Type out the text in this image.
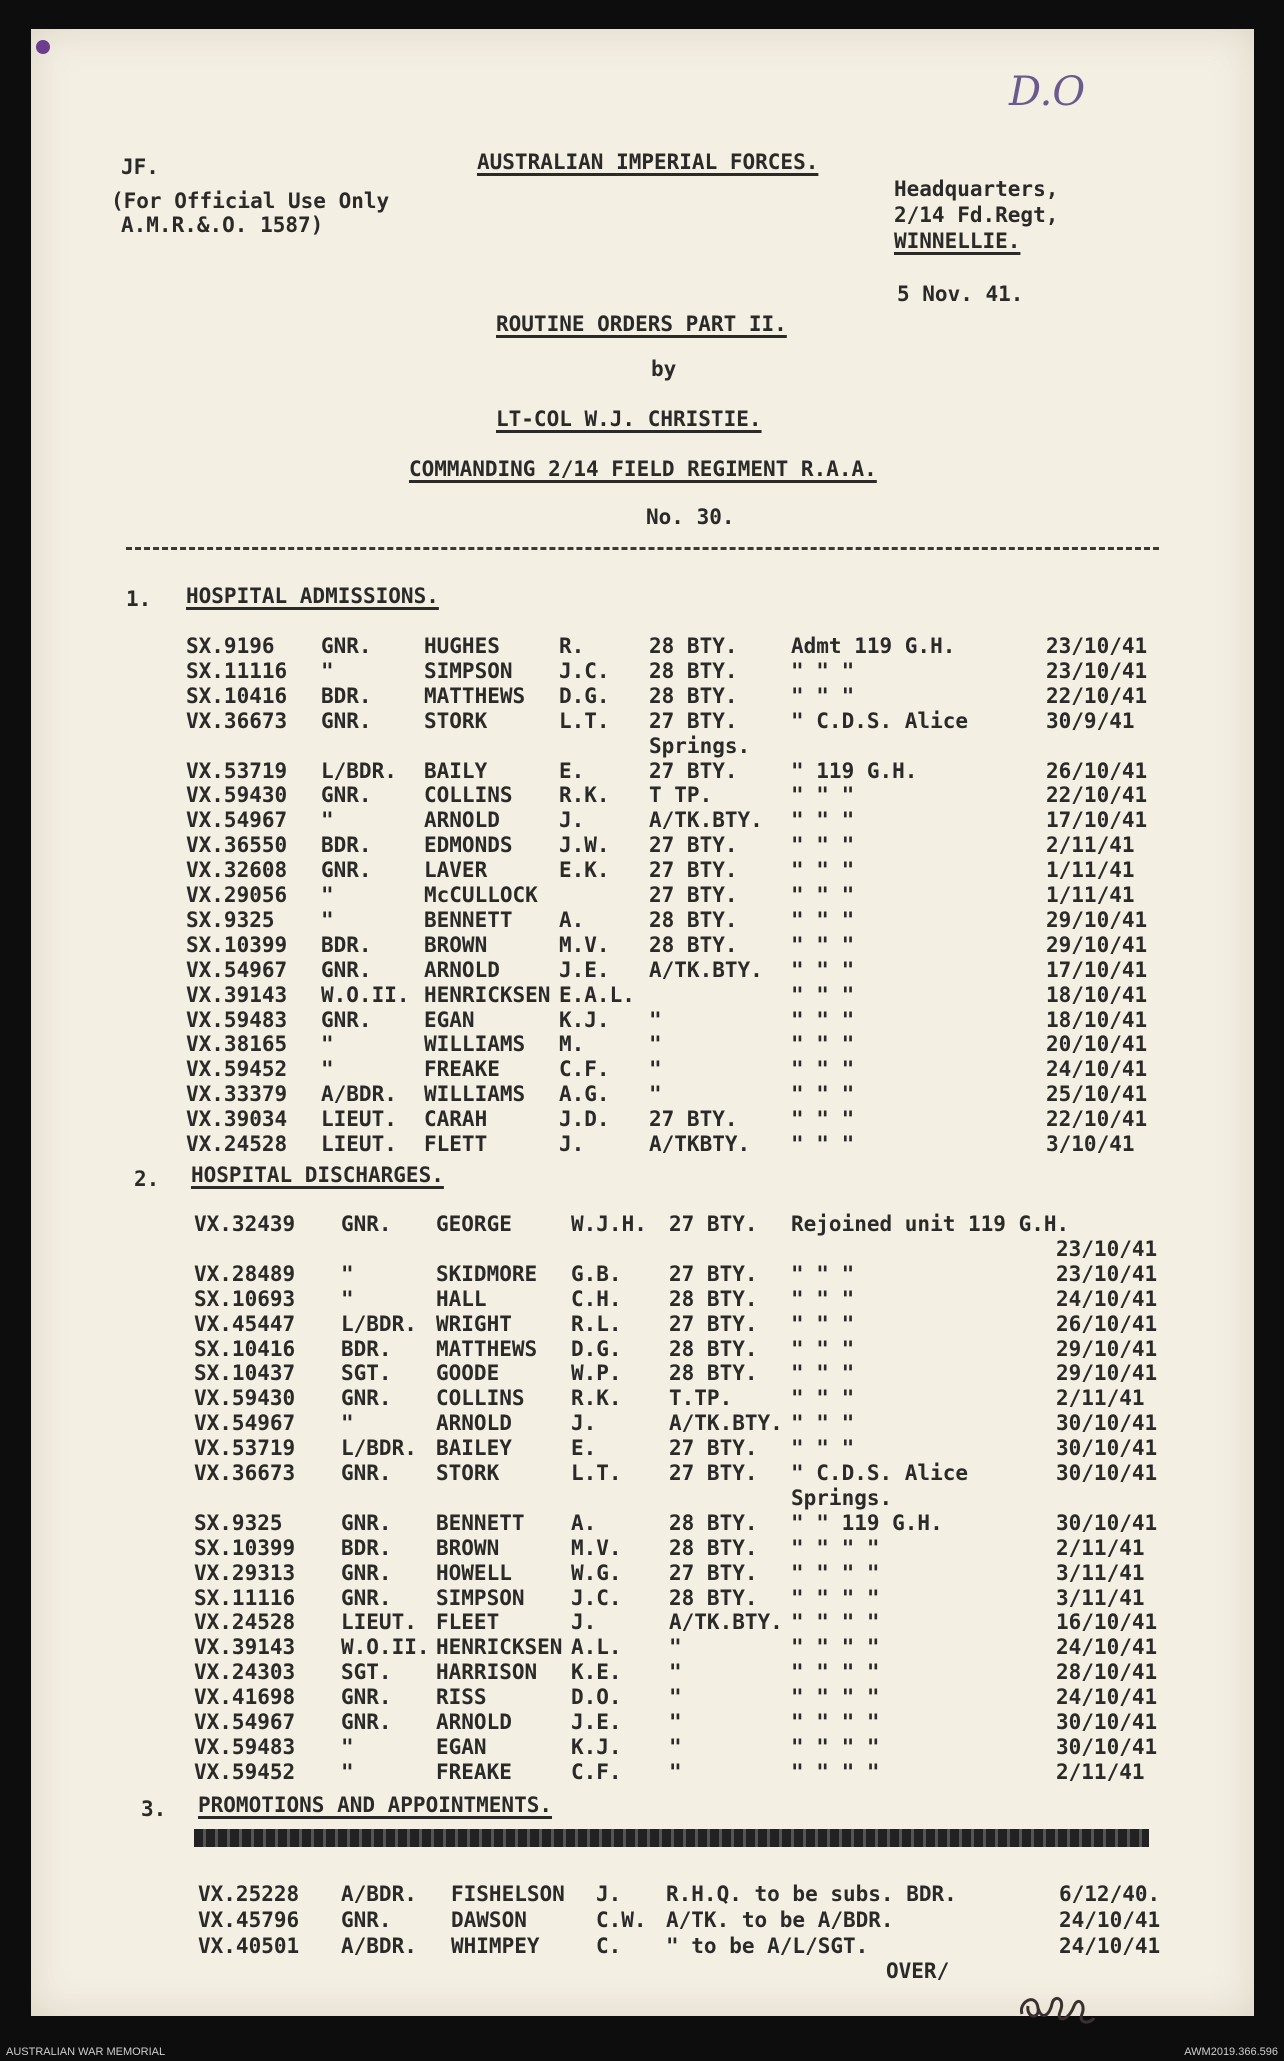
D.O
JF.
(For Official Use Only
A.M.R.&.O. 1587)
AUSTRALIAN IMPERIAL FORCES.
Headquarters,
2/14 Fd.Regt,
WINNELLIE.
5 Nov. 41.
ROUTINE ORDERS PART II.
by
LT-COL W.J. CHRISTIE.
COMMANDING 2/14 FIELD REGIMENT R.A.A.
No. 30.
1. HOSPITAL ADMISSIONS.
SX.9196 GNR. HUGHES	R.	28 BTY.	Admt 119 G.H.	23/10/41
SX.11116 "	SIMPSON J.C. 28 BTY.	" " "	23/10/41
SX.10416 BDR. MATTHEWS D.G. 28 BTY.	" " "	22/10/41
VX.36673 GNR. STORK	L.T. 27 BTY.	" C.D.S. Alice	30/9/41
Springs.
VX.53719 L/BDR. BAILY	E.	27 BTY.	" 119 G.H.	26/10/41
VX.59430 GNR. COLLINS R.K. T TP.	" " "	22/10/41
VX.54967 "	ARNOLD	J.	A/TK.BTY. " " "	17/10/41
VX.36550 BDR. EDMONDS J.W. 27 BTY.	" " "	2/11/41
VX.32608 GNR. LAVER	E.K. 27 BTY.	" " "	1/11/41
VX.29056 "	McCULLOCK	27 BTY.	" " "	1/11/41
SX.9325 "	BENNETT A.	28 BTY.	" " "	29/10/41
SX.10399 BDR. BROWN	M.V. 28 BTY.	" " "	29/10/41
VX.54967 GNR. ARNOLD	J.E. A/TK.BTY. " " "	17/10/41
VX.39143 W.O.II. HENRICKSEN E.A.L.	" " "	18/10/41
VX.59483 GNR. EGAN	K.J. "	" " "	18/10/41
VX.38165 "	WILLIAMS M.	"	" " "	20/10/41
VX.59452 "	FREAKE	C.F. "	" " "	24/10/41
VX.33379 A/BDR. WILLIAMS A.G. "	" " "	25/10/41
VX.39034 LIEUT. CARAH	J.D. 27 BTY.	" " "	22/10/41
VX.24528 LIEUT. FLETT	J.	A/TKBTY. " " "	3/10/41
2. HOSPITAL DISCHARGES.
VX.32439 GNR. GEORGE	W.J.H. 27 BTY. Rejoined unit 119 G.H.
23/10/41
VX.28489 "	SKIDMORE G.B. 27 BTY. " " "	23/10/41
SX.10693 "	HALL	C.H. 28 BTY. " " "	24/10/41
VX.45447 L/BDR. WRIGHT	R.L. 27 BTY. " " "	26/10/41
SX.10416 BDR. MATTHEWS D.G. 28 BTY. " " "	29/10/41
SX.10437 SGT. GOODE	W.P. 28 BTY. " " "	29/10/41
VX.59430 GNR. COLLINS R.K. T.TP.	" " "	2/11/41
VX.54967 "	ARNOLD	J.	A/TK.BTY. " " "	30/10/41
VX.53719 L/BDR. BAILEY	E.	27 BTY. " " "	30/10/41
VX.36673 GNR. STORK	L.T. 27 BTY. " C.D.S. Alice	30/10/41
Springs.
SX.9325	GNR. BENNETT A.	28 BTY. " " 119 G.H.	30/10/41
SX.10399 BDR. BROWN	M.V. 28 BTY. " " " "	2/11/41
VX.29313 GNR. HOWELL	W.G. 27 BTY. " " " "	3/11/41
SX.11116 GNR. SIMPSON J.C. 28 BTY. " " " "	3/11/41
VX.24528 LIEUT. FLEET	J.	A/TK.BTY. " " " "	16/10/41
VX.39143 W.O.II. HENRICKSEN A.L. "	" " " "	24/10/41
VX.24303 SGT. HARRISON K.E. "	" " " "	28/10/41
VX.41698 GNR. RISS	D.O. "	" " " "	24/10/41
VX.54967 GNR. ARNOLD	J.E. "	" " " "	30/10/41
VX.59483 "	EGAN	K.J. "	" " " "	30/10/41
VX.59452 "	FREAKE	C.F. "	" " " "	2/11/41
3. PROMOTIONS AND APPOINTMENTS.
VX.25228 A/BDR. FISHELSON J. R.H.Q. to be subs. BDR.	6/12/40.
VX.45796 GNR.	DAWSON	C.W. A/TK. to be A/BDR.	24/10/41
VX.40501 A/BDR. WHIMPEY	C. " to be A/L/SGT.	24/10/41
OVER/
AUSTRALIAN WAR MEMORIAL	AWM2019.366.596
